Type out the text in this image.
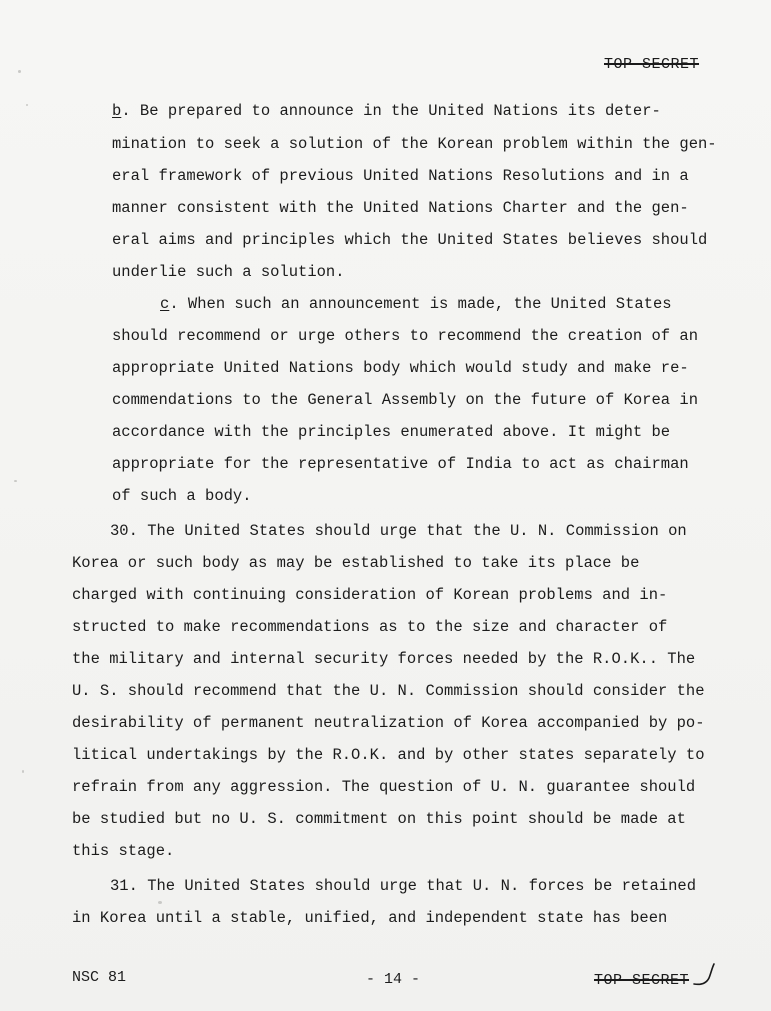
TOP SECRET
b. Be prepared to announce in the United Nations its deter-
mination to seek a solution of the Korean problem within the gen-
eral framework of previous United Nations Resolutions and in a
manner consistent with the United Nations Charter and the gen-
eral aims and principles which the United States believes should
underlie such a solution.
c. When such an announcement is made, the United States
should recommend or urge others to recommend the creation of an
appropriate United Nations body which would study and make re-
commendations to the General Assembly on the future of Korea in
accordance with the principles enumerated above. It might be
appropriate for the representative of India to act as chairman
of such a body.
30. The United States should urge that the U. N. Commission on
Korea or such body as may be established to take its place be
charged with continuing consideration of Korean problems and in-
structed to make recommendations as to the size and character of
the military and internal security forces needed by the R.O.K.. The
U. S. should recommend that the U. N. Commission should consider the
desirability of permanent neutralization of Korea accompanied by po-
litical undertakings by the R.O.K. and by other states separately to
refrain from any aggression. The question of U. N. guarantee should
be studied but no U. S. commitment on this point should be made at
this stage.
31. The United States should urge that U. N. forces be retained
in Korea until a stable, unified, and independent state has been
NSC 81	- 14 -	TOP SECRET
